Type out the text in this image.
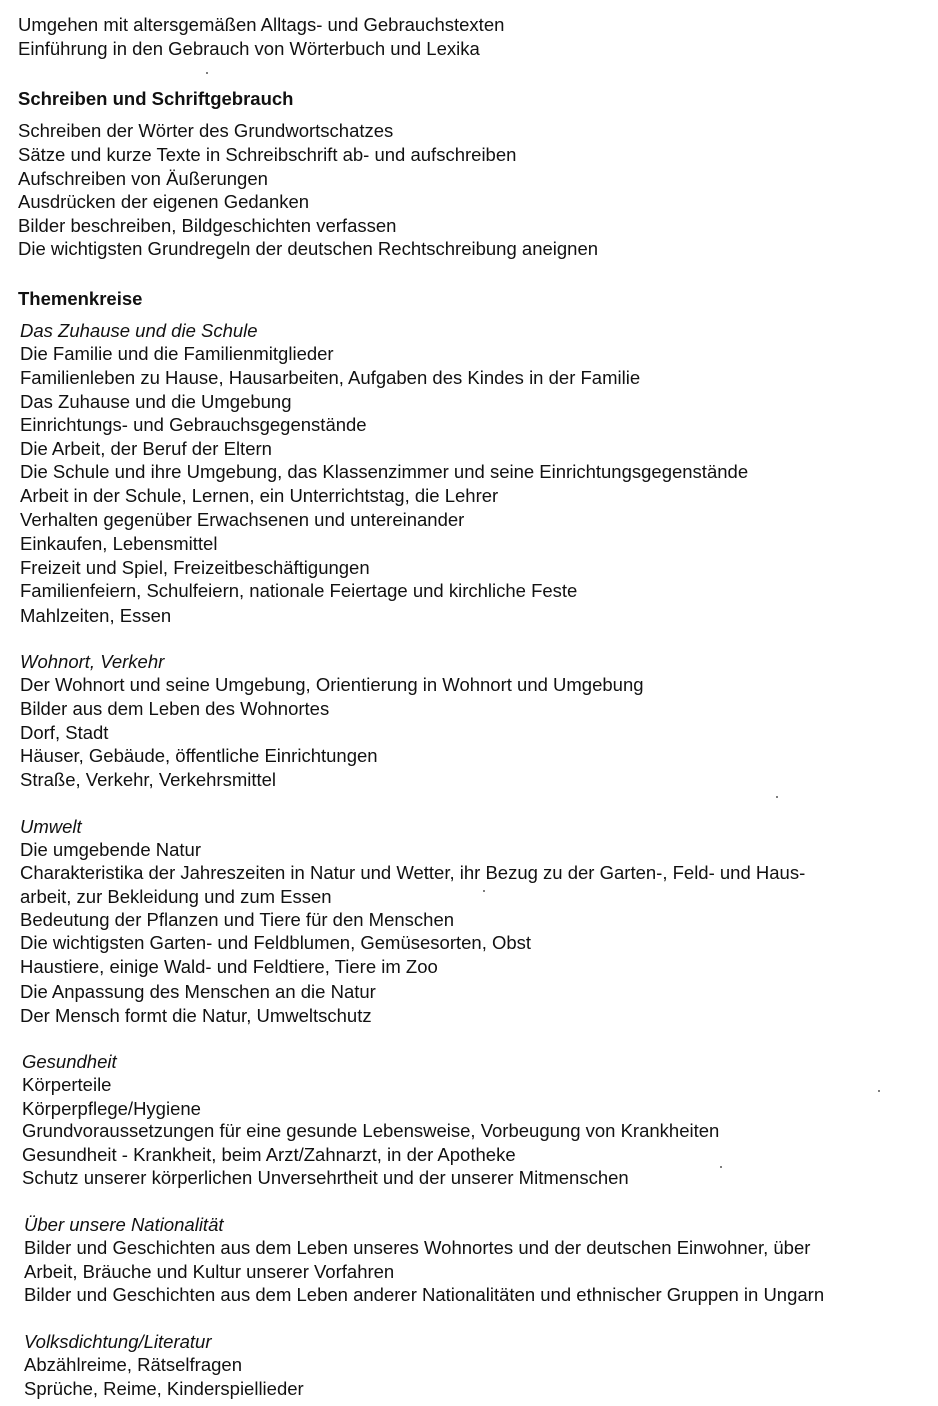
Umgehen mit altersgemäßen Alltags- und Gebrauchstexten
Einführung in den Gebrauch von Wörterbuch und Lexika
Schreiben und Schriftgebrauch
Schreiben der Wörter des Grundwortschatzes
Sätze und kurze Texte in Schreibschrift ab- und aufschreiben
Aufschreiben von Äußerungen
Ausdrücken der eigenen Gedanken
Bilder beschreiben, Bildgeschichten verfassen
Die wichtigsten Grundregeln der deutschen Rechtschreibung aneignen
Themenkreise
Das Zuhause und die Schule
Die Familie und die Familienmitglieder
Familienleben zu Hause, Hausarbeiten, Aufgaben des Kindes in der Familie
Das Zuhause und die Umgebung
Einrichtungs- und Gebrauchsgegenstände
Die Arbeit, der Beruf der Eltern
Die Schule und ihre Umgebung, das Klassenzimmer und seine Einrichtungsgegenstände
Arbeit in der Schule, Lernen, ein Unterrichtstag, die Lehrer
Verhalten gegenüber Erwachsenen und untereinander
Einkaufen, Lebensmittel
Freizeit und Spiel, Freizeitbeschäftigungen
Familienfeiern, Schulfeiern, nationale Feiertage und kirchliche Feste
Mahlzeiten, Essen
Wohnort, Verkehr
Der Wohnort und seine Umgebung, Orientierung in Wohnort und Umgebung
Bilder aus dem Leben des Wohnortes
Dorf, Stadt
Häuser, Gebäude, öffentliche Einrichtungen
Straße, Verkehr, Verkehrsmittel
Umwelt
Die umgebende Natur
Charakteristika der Jahreszeiten in Natur und Wetter, ihr Bezug zu der Garten-, Feld- und Haus-
arbeit, zur Bekleidung und zum Essen
Bedeutung der Pflanzen und Tiere für den Menschen
Die wichtigsten Garten- und Feldblumen, Gemüsesorten, Obst
Haustiere, einige Wald- und Feldtiere, Tiere im Zoo
Die Anpassung des Menschen an die Natur
Der Mensch formt die Natur, Umweltschutz
Gesundheit
Körperteile
Körperpflege/Hygiene
Grundvoraussetzungen für eine gesunde Lebensweise, Vorbeugung von Krankheiten
Gesundheit - Krankheit, beim Arzt/Zahnarzt, in der Apotheke
Schutz unserer körperlichen Unversehrtheit und der unserer Mitmenschen
Über unsere Nationalität
Bilder und Geschichten aus dem Leben unseres Wohnortes und der deutschen Einwohner, über
Arbeit, Bräuche und Kultur unserer Vorfahren
Bilder und Geschichten aus dem Leben anderer Nationalitäten und ethnischer Gruppen in Ungarn
Volksdichtung/Literatur
Abzählreime, Rätselfragen
Sprüche, Reime, Kinderspiellieder
